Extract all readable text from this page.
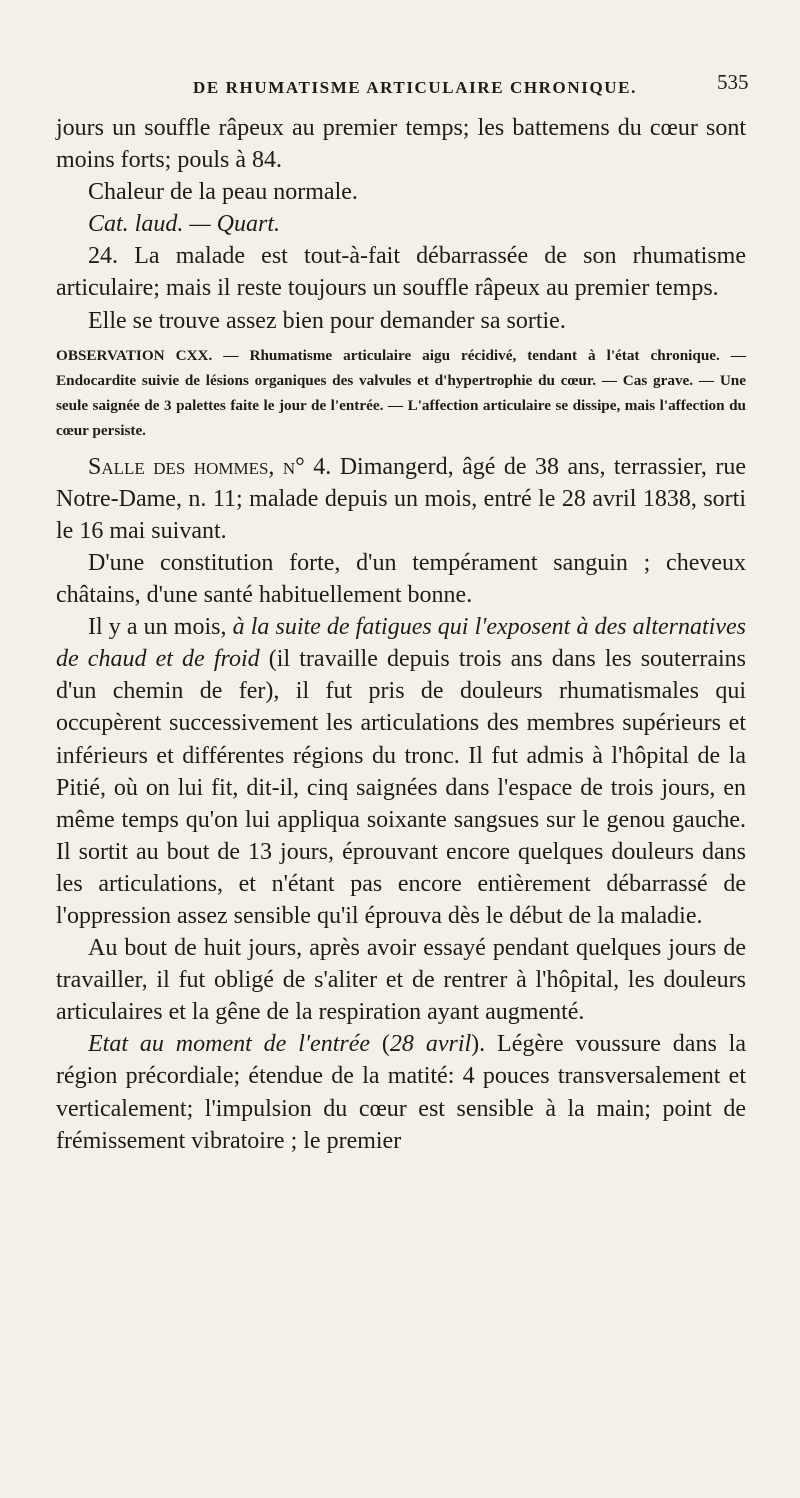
DE RHUMATISME ARTICULAIRE CHRONIQUE.	535

jours un souffle râpeux au premier temps; les battemens du cœur sont moins forts; pouls à 84.

Chaleur de la peau normale.

Cat. laud. — Quart.

24. La malade est tout-à-fait débarrassée de son rhumatisme articulaire; mais il reste toujours un souffle râpeux au premier temps.

Elle se trouve assez bien pour demander sa sortie.

OBSERVATION CXX. — Rhumatisme articulaire aigu récidivé, tendant à l'état chronique. — Endocardite suivie de lésions organiques des valvules et d'hypertrophie du cœur. — Cas grave. — Une seule saignée de 3 palettes faite le jour de l'entrée. — L'affection articulaire se dissipe, mais l'affection du cœur persiste.

Salle des hommes, n° 4. Dimangerd, âgé de 38 ans, terrassier, rue Notre-Dame, n. 11; malade depuis un mois, entré le 28 avril 1838, sorti le 16 mai suivant.

D'une constitution forte, d'un tempérament sanguin ; cheveux châtains, d'une santé habituellement bonne.

Il y a un mois, à la suite de fatigues qui l'exposent à des alternatives de chaud et de froid (il travaille depuis trois ans dans les souterrains d'un chemin de fer), il fut pris de douleurs rhumatismales qui occupèrent successivement les articulations des membres supérieurs et inférieurs et différentes régions du tronc. Il fut admis à l'hôpital de la Pitié, où on lui fit, dit-il, cinq saignées dans l'espace de trois jours, en même temps qu'on lui appliqua soixante sangsues sur le genou gauche. Il sortit au bout de 13 jours, éprouvant encore quelques douleurs dans les articulations, et n'étant pas encore entièrement débarrassé de l'oppression assez sensible qu'il éprouva dès le début de la maladie.

Au bout de huit jours, après avoir essayé pendant quelques jours de travailler, il fut obligé de s'aliter et de rentrer à l'hôpital, les douleurs articulaires et la gêne de la respiration ayant augmenté.

Etat au moment de l'entrée (28 avril). Légère voussure dans la région précordiale; étendue de la matité: 4 pouces transversalement et verticalement; l'impulsion du cœur est sensible à la main; point de frémissement vibratoire ; le premier
